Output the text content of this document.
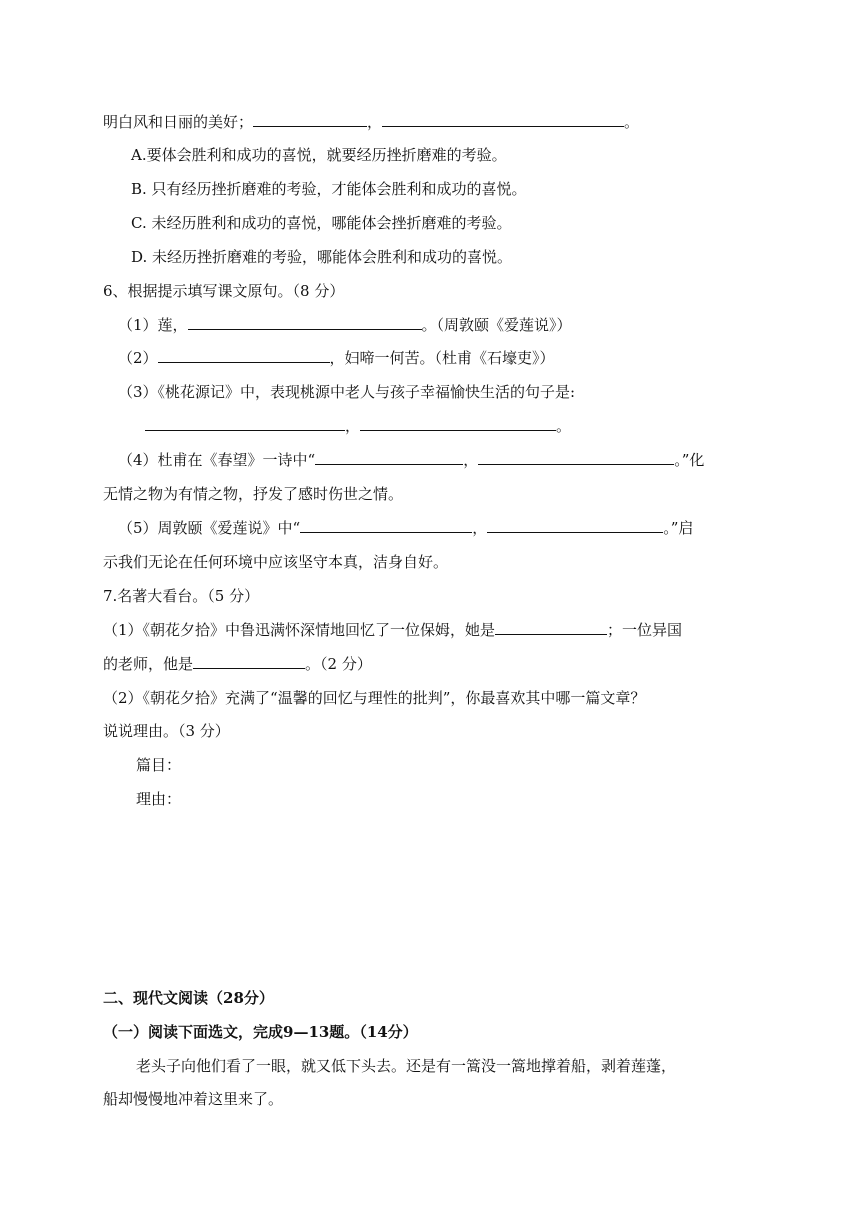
明白风和日丽的美好；	，	。
A.要体会胜利和成功的喜悦，就要经历挫折磨难的考验。
B. 只有经历挫折磨难的考验，才能体会胜利和成功的喜悦。
C. 未经历胜利和成功的喜悦，哪能体会挫折磨难的考验。
D. 未经历挫折磨难的考验，哪能体会胜利和成功的喜悦。
6、根据提示填写课文原句。（8 分）
（1）莲，	。（周敦颐《爱莲说》）
（2）	，妇啼一何苦。（杜甫《石壕吏》）
（3）《桃花源记》中，表现桃源中老人与孩子幸福愉快生活的句子是:
，	。
（4）杜甫在《春望》一诗中“	，	。”化
无情之物为有情之物，抒发了感时伤世之情。
（5）周敦颐《爱莲说》中“	，	。”启
示我们无论在任何环境中应该坚守本真，洁身自好。
7.名著大看台。（5 分）
（1）《朝花夕拾》中鲁迅满怀深情地回忆了一位保姆，她是	；一位异国
的老师，他是	。（2 分）
（2）《朝花夕拾》充满了“温馨的回忆与理性的批判”，你最喜欢其中哪一篇文章？
说说理由。（3 分）
篇目：
理由：
二、现代文阅读（28分）
（一）阅读下面选文，完成9—13题。（14分）
老头子向他们看了一眼，就又低下头去。还是有一篙没一篙地撑着船，剥着莲蓬，
船却慢慢地冲着这里来了。
